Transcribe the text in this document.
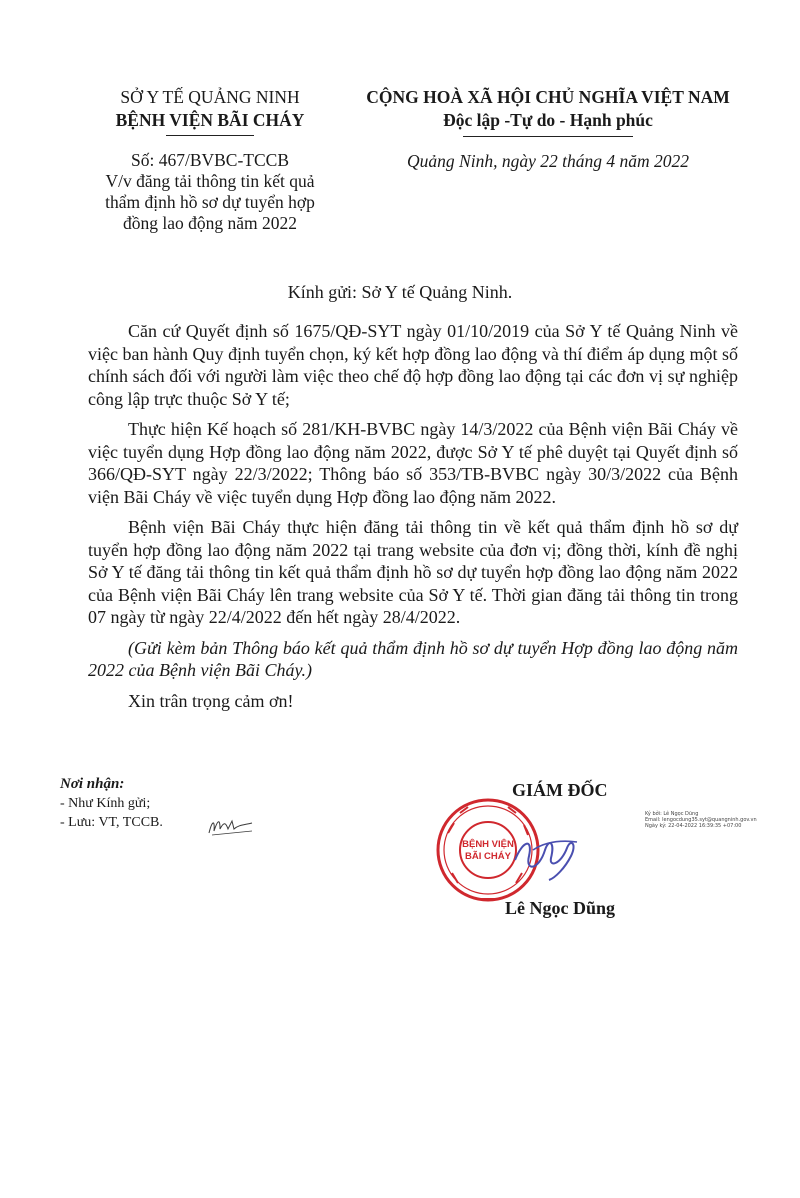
SỞ Y TẾ QUẢNG NINH
BỆNH VIỆN BÃI CHÁY
CỘNG HOÀ XÃ HỘI CHỦ NGHĨA VIỆT NAM
Độc lập -Tự do - Hạnh phúc
Số: 467/BVBC-TCCB
V/v đăng tải thông tin kết quả
thẩm định hồ sơ dự tuyển hợp
đồng lao động năm 2022
Quảng Ninh, ngày 22 tháng 4 năm 2022
Kính gửi: Sở Y tế Quảng Ninh.

Căn cứ Quyết định số 1675/QĐ-SYT ngày 01/10/2019 của Sở Y tế Quảng Ninh về việc ban hành Quy định tuyển chọn, ký kết hợp đồng lao động và thí điểm áp dụng một số chính sách đối với người làm việc theo chế độ hợp đồng lao động tại các đơn vị sự nghiệp công lập trực thuộc Sở Y tế;

Thực hiện Kế hoạch số 281/KH-BVBC ngày 14/3/2022 của Bệnh viện Bãi Cháy về việc tuyển dụng Hợp đồng lao động năm 2022, được Sở Y tế phê duyệt tại Quyết định số 366/QĐ-SYT ngày 22/3/2022; Thông báo số 353/TB-BVBC ngày 30/3/2022 của Bệnh viện Bãi Cháy về việc tuyển dụng Hợp đồng lao động năm 2022.

Bệnh viện Bãi Cháy thực hiện đăng tải thông tin về kết quả thẩm định hồ sơ dự tuyển hợp đồng lao động năm 2022 tại trang website của đơn vị; đồng thời, kính đề nghị Sở Y tế đăng tải thông tin kết quả thẩm định hồ sơ dự tuyển hợp đồng lao động năm 2022 của Bệnh viện Bãi Cháy lên trang website của Sở Y tế. Thời gian đăng tải thông tin trong 07 ngày từ ngày 22/4/2022 đến hết ngày 28/4/2022.

(Gửi kèm bản Thông báo kết quả thẩm định hồ sơ dự tuyển Hợp đồng lao động năm 2022 của Bệnh viện Bãi Cháy.)

Xin trân trọng cảm ơn!

Nơi nhận:
- Như Kính gửi;
- Lưu: VT, TCCB.
GIÁM ĐỐC
Ký bởi: Lê Ngọc Dũng
Email: lengocdung35.syt@quangninh.gov.vn
Ngày ký: 22-04-2022 16:39:35 +07:00
BỆNH VIỆN
BÃI CHÁY
Lê Ngọc Dũng
